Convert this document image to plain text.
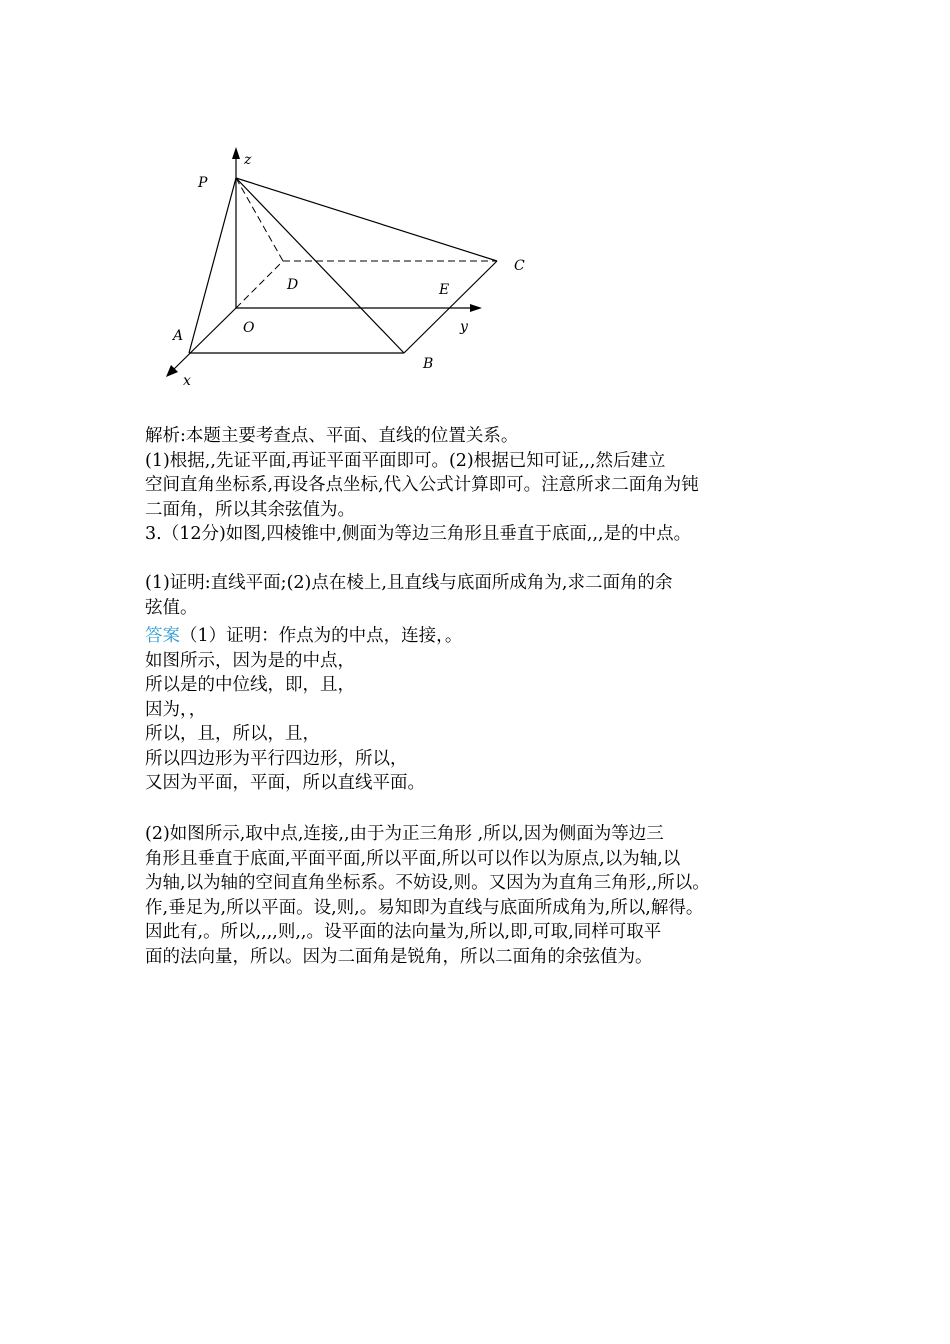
z
P
C
D	E
A	O	y
B
x
解析:本题主要考查点、平面、直线的位置关系。
(1)根据,,先证平面,再证平面平面即可。(2)根据已知可证,,,然后建立
空间直角坐标系,再设各点坐标,代入公式计算即可。注意所求二面角为钝
二面角，所以其余弦值为。
3.（12分)如图,四棱锥中,侧面为等边三角形且垂直于底面,,,是的中点。
(1)证明:直线平面;(2)点在棱上,且直线与底面所成角为,求二面角的余
弦值。
答案（1）证明：作点为的中点，连接，。
如图所示，因为是的中点，
所以是的中位线，即，且，
因为，，
所以，且，所以，且，
所以四边形为平行四边形，所以，
又因为平面，平面，所以直线平面。
(2)如图所示,取中点,连接,,由于为正三角形 ,所以,因为侧面为等边三
角形且垂直于底面,平面平面,所以平面,所以可以作以为原点,以为轴,以
为轴,以为轴的空间直角坐标系。不妨设,则。又因为为直角三角形,,所以。
作,垂足为,所以平面。设,则,。易知即为直线与底面所成角为,所以,解得。
因此有,。所以,,,,则,,。设平面的法向量为,所以,即,可取,同样可取平
面的法向量，所以。因为二面角是锐角，所以二面角的余弦值为。
